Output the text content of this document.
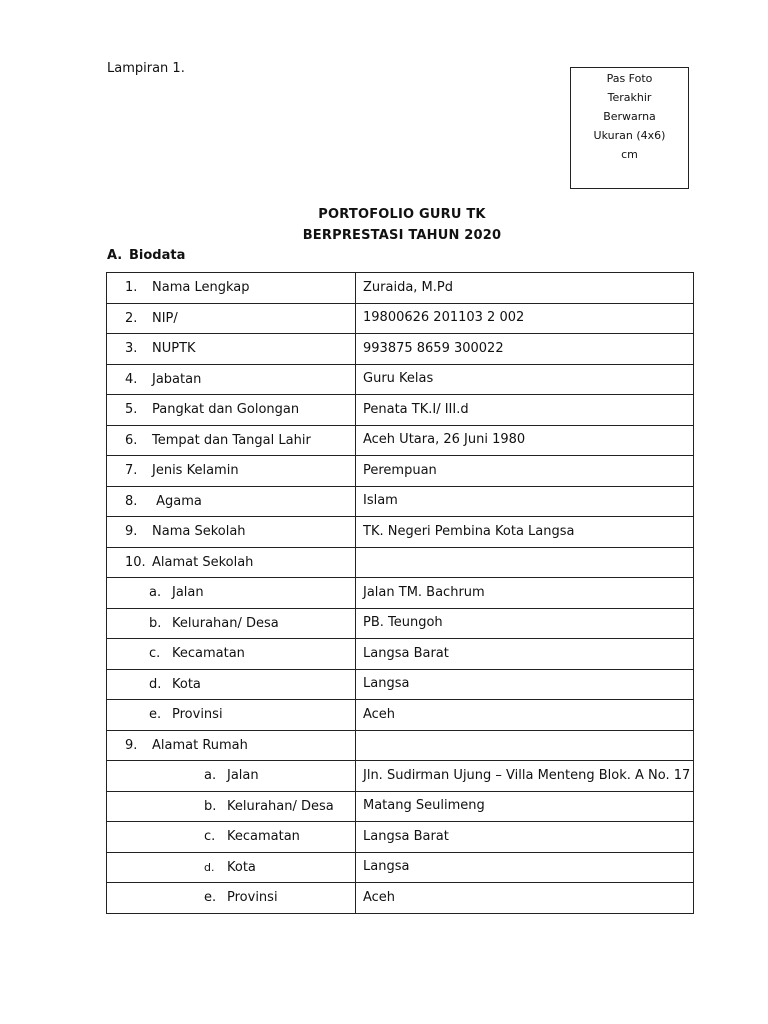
Lampiran 1.
Pas Foto
Terakhir
Berwarna
Ukuran (4x6)
cm
PORTOFOLIO GURU TK
BERPRESTASI TAHUN 2020
A. Biodata
1. Nama Lengkap	Zuraida, M.Pd
2. NIP/	19800626 201103 2 002
3. NUPTK	993875 8659 300022
4. Jabatan	Guru Kelas
5. Pangkat dan Golongan	Penata TK.I/ III.d
6. Tempat dan Tangal Lahir	Aceh Utara, 26 Juni 1980
7. Jenis Kelamin	Perempuan
8. Agama	Islam
9. Nama Sekolah	TK. Negeri Pembina Kota Langsa
10. Alamat Sekolah	
a. Jalan	Jalan TM. Bachrum
b. Kelurahan/ Desa	PB. Teungoh
c. Kecamatan	Langsa Barat
d. Kota	Langsa
e. Provinsi	Aceh
9. Alamat Rumah	
a. Jalan	Jln. Sudirman Ujung – Villa Menteng Blok. A No. 17
b. Kelurahan/ Desa	Matang Seulimeng
c. Kecamatan	Langsa Barat
d. Kota	Langsa
e. Provinsi	Aceh
